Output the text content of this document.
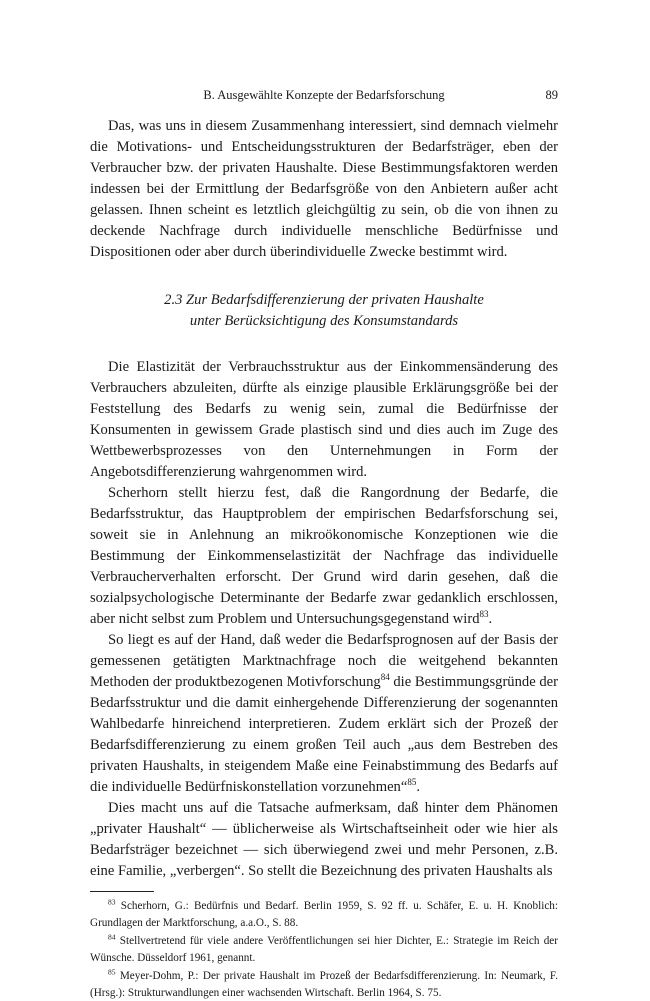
B. Ausgewählte Konzepte der Bedarfsforschung	89

Das, was uns in diesem Zusammenhang interessiert, sind demnach vielmehr die Motivations- und Entscheidungsstrukturen der Bedarfsträger, eben der Verbraucher bzw. der privaten Haushalte. Diese Bestimmungsfaktoren werden indessen bei der Ermittlung der Bedarfsgröße von den Anbietern außer acht gelassen. Ihnen scheint es letztlich gleichgültig zu sein, ob die von ihnen zu deckende Nachfrage durch individuelle menschliche Bedürfnisse und Dispositionen oder aber durch überindividuelle Zwecke bestimmt wird.

2.3 Zur Bedarfsdifferenzierung der privaten Haushalte
unter Berücksichtigung des Konsumstandards

Die Elastizität der Verbrauchsstruktur aus der Einkommensänderung des Verbrauchers abzuleiten, dürfte als einzige plausible Erklärungsgröße bei der Feststellung des Bedarfs zu wenig sein, zumal die Bedürfnisse der Konsumenten in gewissem Grade plastisch sind und dies auch im Zuge des Wettbewerbsprozesses von den Unternehmungen in Form der Angebotsdifferenzierung wahrgenommen wird.

Scherhorn stellt hierzu fest, daß die Rangordnung der Bedarfe, die Bedarfsstruktur, das Hauptproblem der empirischen Bedarfsforschung sei, soweit sie in Anlehnung an mikroökonomische Konzeptionen wie die Bestimmung der Einkommenselastizität der Nachfrage das individuelle Verbraucherverhalten erforscht. Der Grund wird darin gesehen, daß die sozialpsychologische Determinante der Bedarfe zwar gedanklich erschlossen, aber nicht selbst zum Problem und Untersuchungsgegenstand wird$^{83}$.

So liegt es auf der Hand, daß weder die Bedarfsprognosen auf der Basis der gemessenen getätigten Marktnachfrage noch die weitgehend bekannten Methoden der produktbezogenen Motivforschung$^{84}$ die Bestimmungsgründe der Bedarfsstruktur und die damit einhergehende Differenzierung der sogenannten Wahlbedarfe hinreichend interpretieren. Zudem erklärt sich der Prozeß der Bedarfsdifferenzierung zu einem großen Teil auch „aus dem Bestreben des privaten Haushalts, in steigendem Maße eine Feinabstimmung des Bedarfs auf die individuelle Bedürfniskonstellation vorzunehmen“$^{85}$.

Dies macht uns auf die Tatsache aufmerksam, daß hinter dem Phänomen „privater Haushalt“ — üblicherweise als Wirtschaftseinheit oder wie hier als Bedarfsträger bezeichnet — sich überwiegend zwei und mehr Personen, z.B. eine Familie, „verbergen“. So stellt die Bezeichnung des privaten Haushalts als

$^{83}$ Scherhorn, G.: Bedürfnis und Bedarf. Berlin 1959, S. 92 ff. u. Schäfer, E. u. H. Knoblich: Grundlagen der Marktforschung, a.a.O., S. 88.

$^{84}$ Stellvertretend für viele andere Veröffentlichungen sei hier Dichter, E.: Strategie im Reich der Wünsche. Düsseldorf 1961, genannt.

$^{85}$ Meyer-Dohm, P.: Der private Haushalt im Prozeß der Bedarfsdifferenzierung. In: Neumark, F. (Hrsg.): Strukturwandlungen einer wachsenden Wirtschaft. Berlin 1964, S. 75.
